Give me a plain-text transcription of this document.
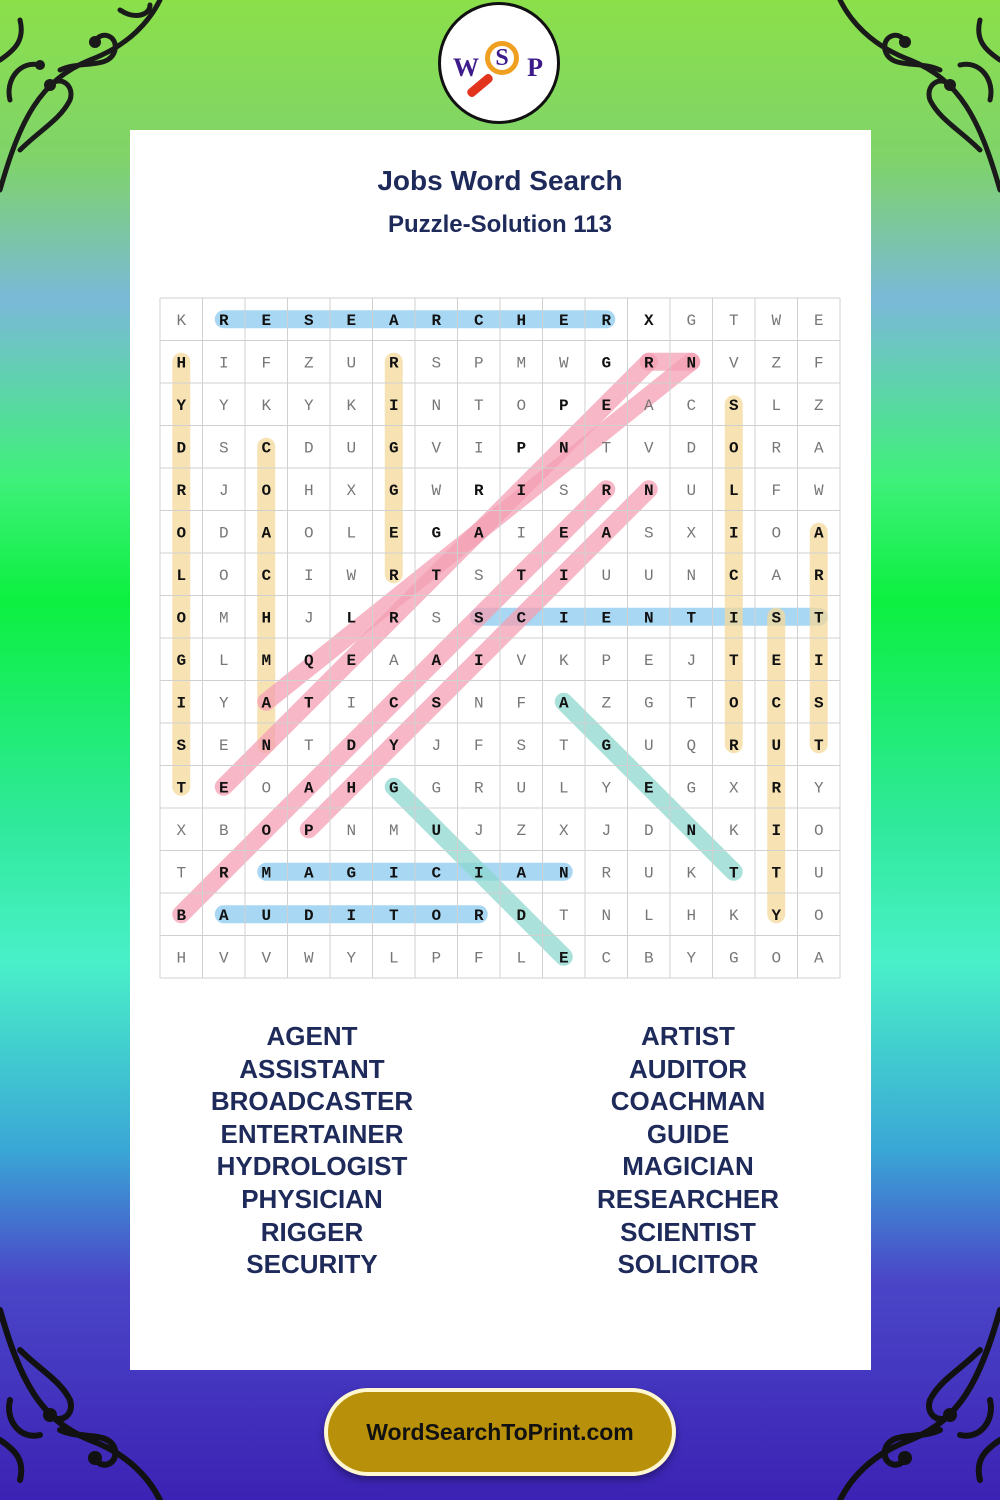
W S P
Jobs Word Search
Puzzle-Solution 113
K R E S E A R C H E R X G T W E
H I F Z U R S P M W G R N V Z F
Y Y K Y K I N T O P E A C S L Z
D S C D U G V I P N T V D O R A
R J O H X G W R I S R N U L F W
O D A O L E G A I E A S X I O A
L O C I W R T S T I U U N C A R
O M H J L R S S C I E N T I S T
G L M Q E A A I V K P E J T E I
I Y A T I C S N F A Z G T O C S
S E N T D Y J F S T G U Q R U T
T E O A H G G R U L Y E G X R Y
X B O P N M U J Z X J D N K I O
T R M A G I C I A N R U K T T U
B A U D I T O R D T N L H K Y O
H V V W Y L P F L E C B Y G O A
AGENT
ASSISTANT
BROADCASTER
ENTERTAINER
HYDROLOGIST
PHYSICIAN
RIGGER
SECURITY
ARTIST
AUDITOR
COACHMAN
GUIDE
MAGICIAN
RESEARCHER
SCIENTIST
SOLICITOR
WordSearchToPrint.com
